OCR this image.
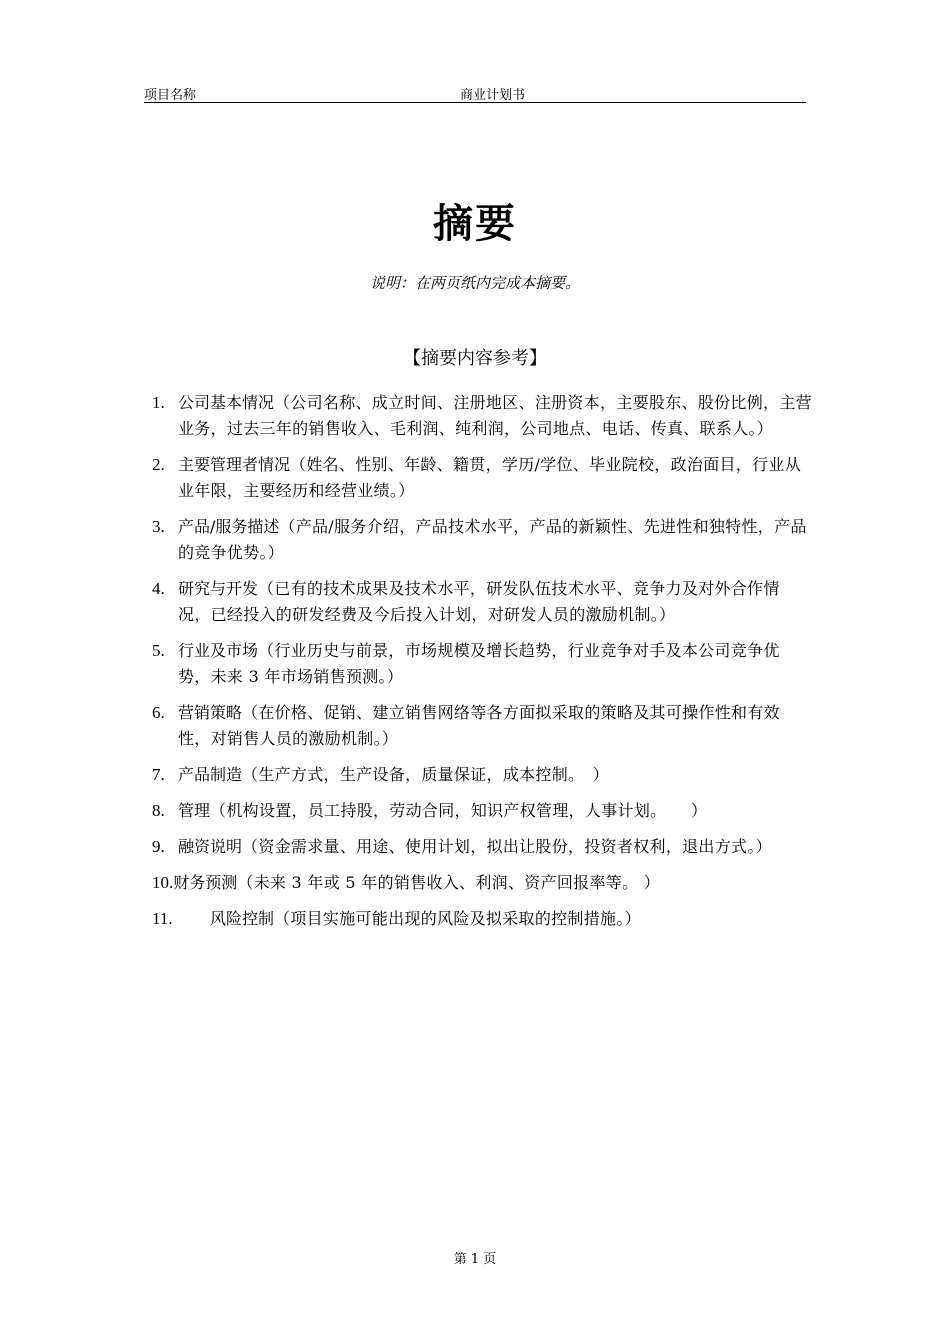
项目名称	商业计划书
摘要
说明：在两页纸内完成本摘要。
【摘要内容参考】
1. 公司基本情况（公司名称、成立时间、注册地区、注册资本，主要股东、股份比例，主营业务，过去三年的销售收入、毛利润、纯利润，公司地点、电话、传真、联系人。）
2. 主要管理者情况（姓名、性别、年龄、籍贯，学历/学位、毕业院校，政治面目，行业从业年限，主要经历和经营业绩。）
3. 产品/服务描述（产品/服务介绍，产品技术水平，产品的新颖性、先进性和独特性，产品的竞争优势。）
4. 研究与开发（已有的技术成果及技术水平，研发队伍技术水平、竞争力及对外合作情况，已经投入的研发经费及今后投入计划，对研发人员的激励机制。）
5. 行业及市场（行业历史与前景，市场规模及增长趋势，行业竞争对手及本公司竞争优势，未来 3 年市场销售预测。）
6. 营销策略（在价格、促销、建立销售网络等各方面拟采取的策略及其可操作性和有效性，对销售人员的激励机制。）
7. 产品制造（生产方式，生产设备，质量保证，成本控制。　）
8. 管理（机构设置，员工持股，劳动合同，知识产权管理，人事计划。　　）
9. 融资说明（资金需求量、用途、使用计划，拟出让股份，投资者权利，退出方式。）
10.财务预测（未来 3 年或 5 年的销售收入、利润、资产回报率等。 ）
11. 风险控制（项目实施可能出现的风险及拟采取的控制措施。）
第 1 页
